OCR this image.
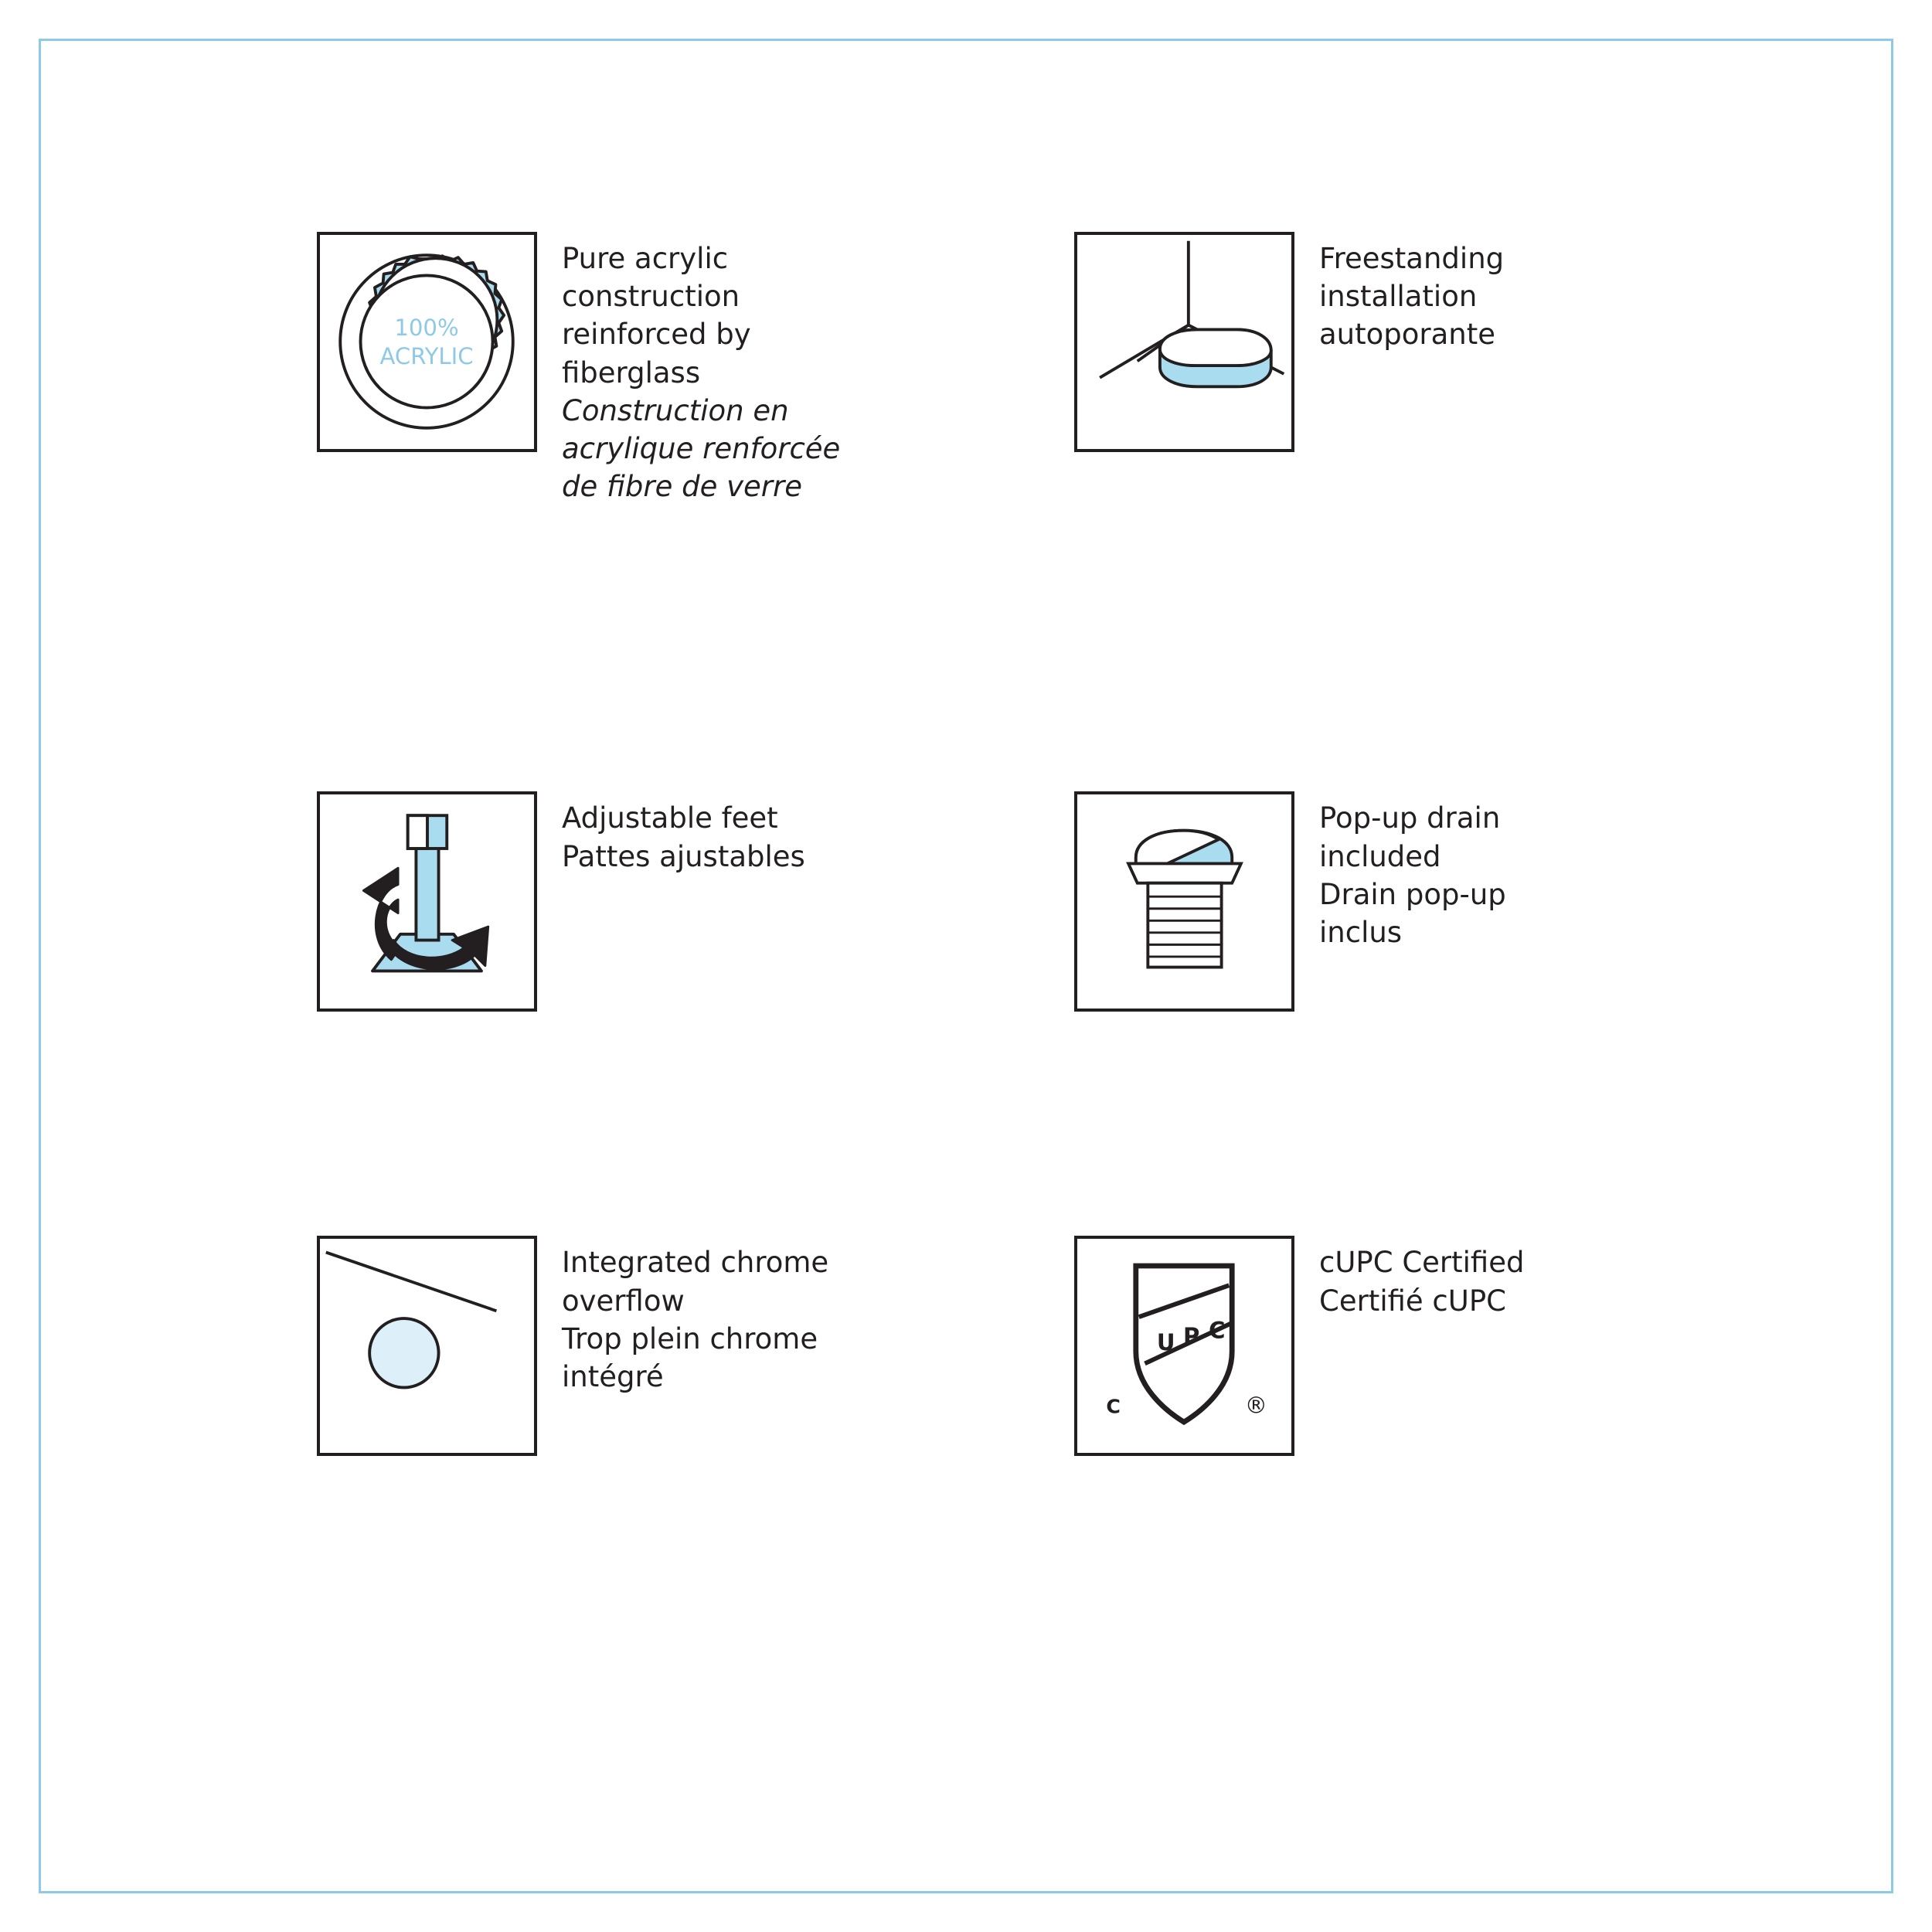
100%
ACRYLIC
Pure acrylic
construction
reinforced by
fiberglass
Construction en
acrylique renforcée
de fibre de verre
Freestanding
installation
autoporante
Adjustable feet
Pattes ajustables
Pop-up drain
included
Drain pop-up
inclus
Integrated chrome
overflow
Trop plein chrome
intégré
U P C
C	®
cUPC Certified
Certifié cUPC
